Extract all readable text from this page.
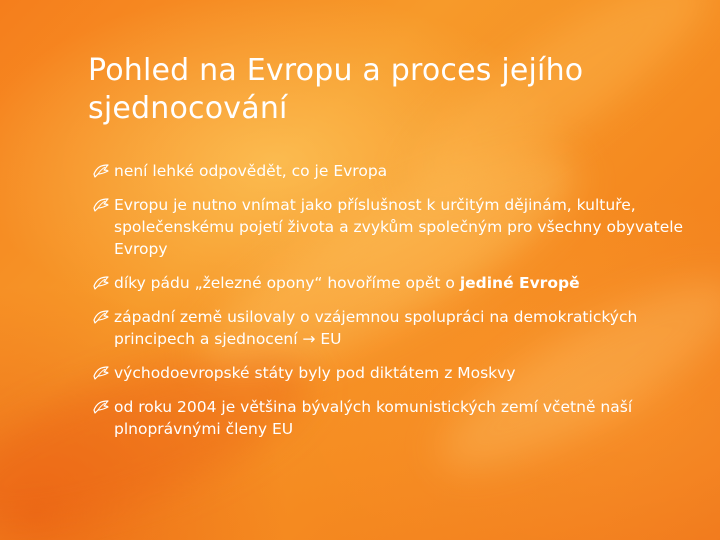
Pohled na Evropu a proces jejího sjednocování
není lehké odpovědět, co je Evropa
Evropu je nutno vnímat jako příslušnost k určitým dějinám, kultuře, společenskému pojetí života a zvykům společným pro všechny obyvatele Evropy
díky pádu „železné opony“ hovoříme opět o jediné Evropě
západní země usilovaly o vzájemnou spolupráci na demokratických principech a sjednocení → EU
východoevropské státy byly pod diktátem z Moskvy
od roku 2004 je většina bývalých komunistických zemí včetně naší plnoprávnými členy EU
